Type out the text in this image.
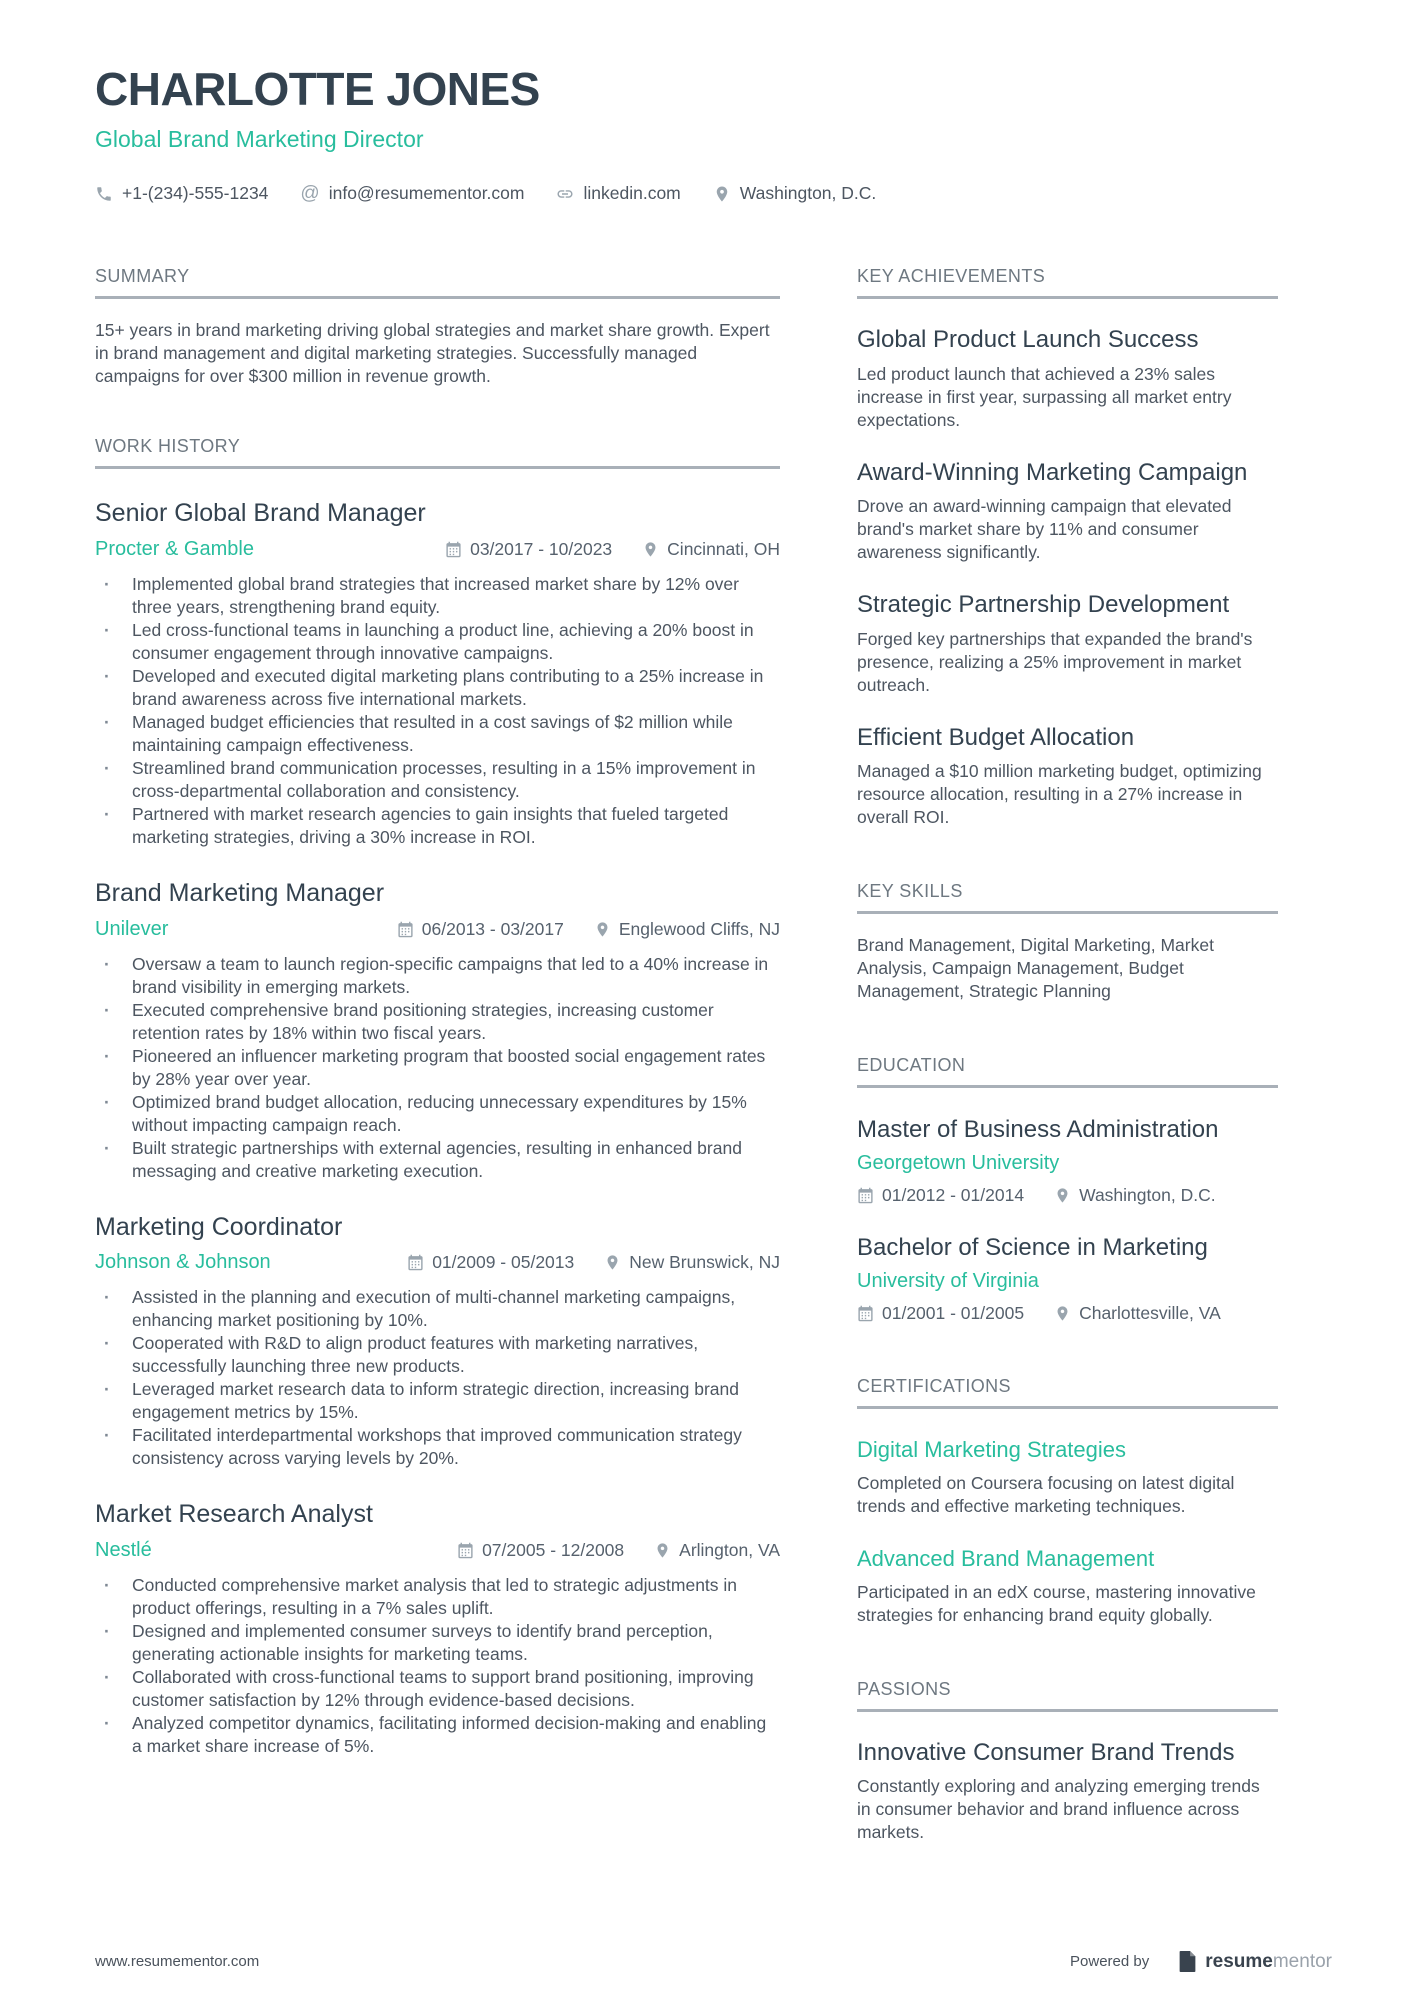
CHARLOTTE JONES
Global Brand Marketing Director
+1-(234)-555-1234 @ info@resumementor.com	linkedin.com	Washington, D.C.
SUMMARY
15+ years in brand marketing driving global strategies and market share growth. Expert in brand management and digital marketing strategies. Successfully managed campaigns for over $300 million in revenue growth.
WORK HISTORY
Senior Global Brand Manager
Procter & Gamble	03/2017 - 10/2023	Cincinnati, OH
· Implemented global brand strategies that increased market share by 12% over three years, strengthening brand equity.
· Led cross-functional teams in launching a product line, achieving a 20% boost in consumer engagement through innovative campaigns.
· Developed and executed digital marketing plans contributing to a 25% increase in brand awareness across five international markets.
· Managed budget efficiencies that resulted in a cost savings of $2 million while maintaining campaign effectiveness.
· Streamlined brand communication processes, resulting in a 15% improvement in cross-departmental collaboration and consistency.
· Partnered with market research agencies to gain insights that fueled targeted marketing strategies, driving a 30% increase in ROI.
Brand Marketing Manager
Unilever	06/2013 - 03/2017	Englewood Cliffs, NJ
· Oversaw a team to launch region-specific campaigns that led to a 40% increase in brand visibility in emerging markets.
· Executed comprehensive brand positioning strategies, increasing customer retention rates by 18% within two fiscal years.
· Pioneered an influencer marketing program that boosted social engagement rates by 28% year over year.
· Optimized brand budget allocation, reducing unnecessary expenditures by 15% without impacting campaign reach.
· Built strategic partnerships with external agencies, resulting in enhanced brand messaging and creative marketing execution.
Marketing Coordinator
Johnson & Johnson	01/2009 - 05/2013	New Brunswick, NJ
· Assisted in the planning and execution of multi-channel marketing campaigns, enhancing market positioning by 10%.
· Cooperated with R&D to align product features with marketing narratives, successfully launching three new products.
· Leveraged market research data to inform strategic direction, increasing brand engagement metrics by 15%.
· Facilitated interdepartmental workshops that improved communication strategy consistency across varying levels by 20%.
Market Research Analyst
Nestlé	07/2005 - 12/2008	Arlington, VA
· Conducted comprehensive market analysis that led to strategic adjustments in product offerings, resulting in a 7% sales uplift.
· Designed and implemented consumer surveys to identify brand perception, generating actionable insights for marketing teams.
· Collaborated with cross-functional teams to support brand positioning, improving customer satisfaction by 12% through evidence-based decisions.
· Analyzed competitor dynamics, facilitating informed decision-making and enabling a market share increase of 5%.
KEY ACHIEVEMENTS
Global Product Launch Success
Led product launch that achieved a 23% sales increase in first year, surpassing all market entry expectations.
Award-Winning Marketing Campaign
Drove an award-winning campaign that elevated brand's market share by 11% and consumer awareness significantly.
Strategic Partnership Development
Forged key partnerships that expanded the brand's presence, realizing a 25% improvement in market outreach.
Efficient Budget Allocation
Managed a $10 million marketing budget, optimizing resource allocation, resulting in a 27% increase in overall ROI.
KEY SKILLS
Brand Management, Digital Marketing, Market Analysis, Campaign Management, Budget Management, Strategic Planning
EDUCATION
Master of Business Administration
Georgetown University
01/2012 - 01/2014	Washington, D.C.
Bachelor of Science in Marketing
University of Virginia
01/2001 - 01/2005	Charlottesville, VA
CERTIFICATIONS
Digital Marketing Strategies
Completed on Coursera focusing on latest digital trends and effective marketing techniques.
Advanced Brand Management
Participated in an edX course, mastering innovative strategies for enhancing brand equity globally.
PASSIONS
Innovative Consumer Brand Trends
Constantly exploring and analyzing emerging trends in consumer behavior and brand influence across markets.
www.resumementor.com	Powered by	resumementor
